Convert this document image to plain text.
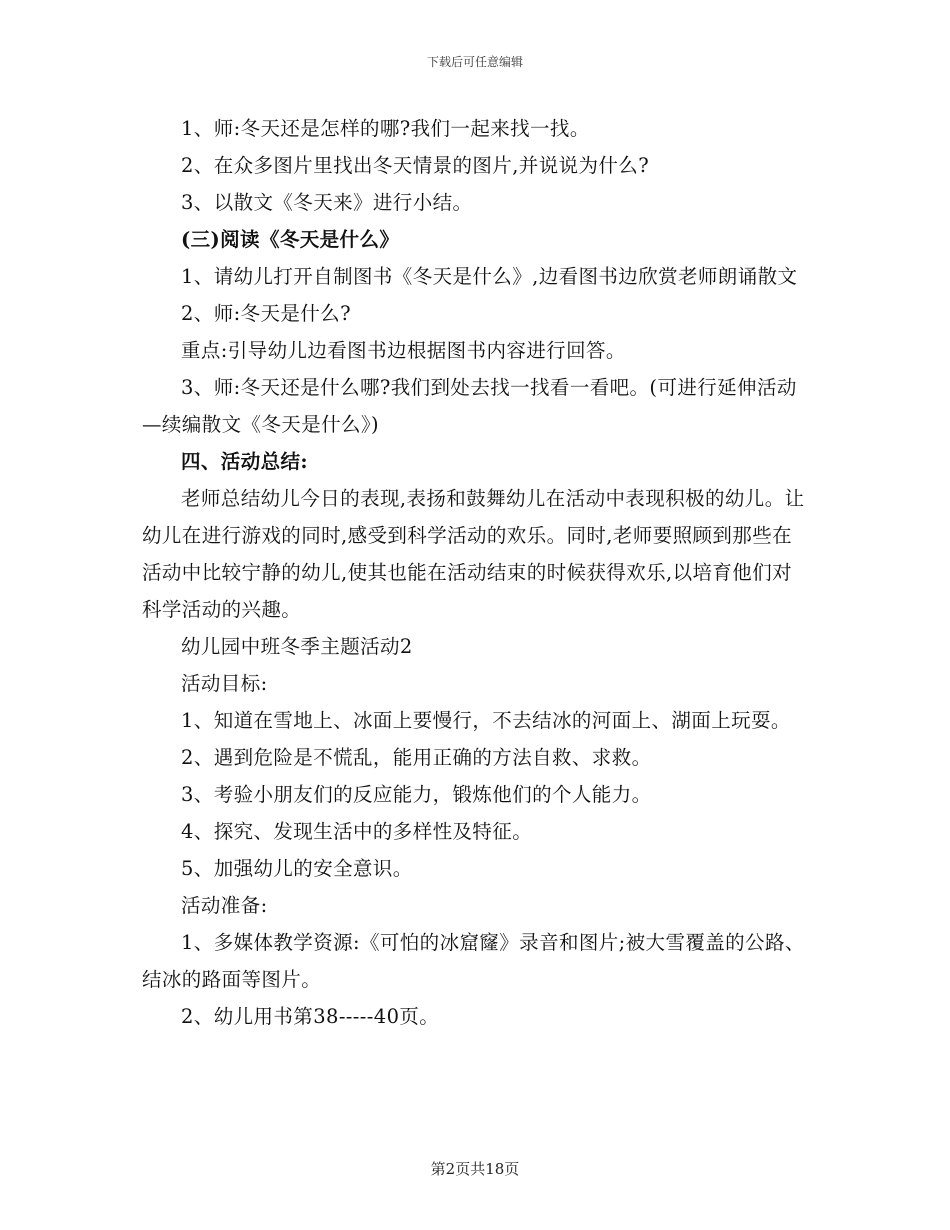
下载后可任意编辑

1、师:冬天还是怎样的哪?我们一起来找一找。

2、在众多图片里找出冬天情景的图片,并说说为什么?

3、以散文《冬天来》进行小结。

(三)阅读《冬天是什么》

1、请幼儿打开自制图书《冬天是什么》,边看图书边欣赏老师朗诵散文

2、师:冬天是什么?

重点:引导幼儿边看图书边根据图书内容进行回答。

3、师:冬天还是什么哪?我们到处去找一找看一看吧。(可进行延伸活动—续编散文《冬天是什么》)

四、活动总结:

老师总结幼儿今日的表现,表扬和鼓舞幼儿在活动中表现积极的幼儿。让幼儿在进行游戏的同时,感受到科学活动的欢乐。同时,老师要照顾到那些在活动中比较宁静的幼儿,使其也能在活动结束的时候获得欢乐,以培育他们对科学活动的兴趣。

幼儿园中班冬季主题活动2

活动目标:

1、知道在雪地上、冰面上要慢行，不去结冰的河面上、湖面上玩耍。

2、遇到危险是不慌乱，能用正确的方法自救、求救。

3、考验小朋友们的反应能力，锻炼他们的个人能力。

4、探究、发现生活中的多样性及特征。

5、加强幼儿的安全意识。

活动准备:

1、多媒体教学资源:《可怕的冰窟窿》录音和图片;被大雪覆盖的公路、结冰的路面等图片。

2、幼儿用书第38-----40页。

第2页共18页
